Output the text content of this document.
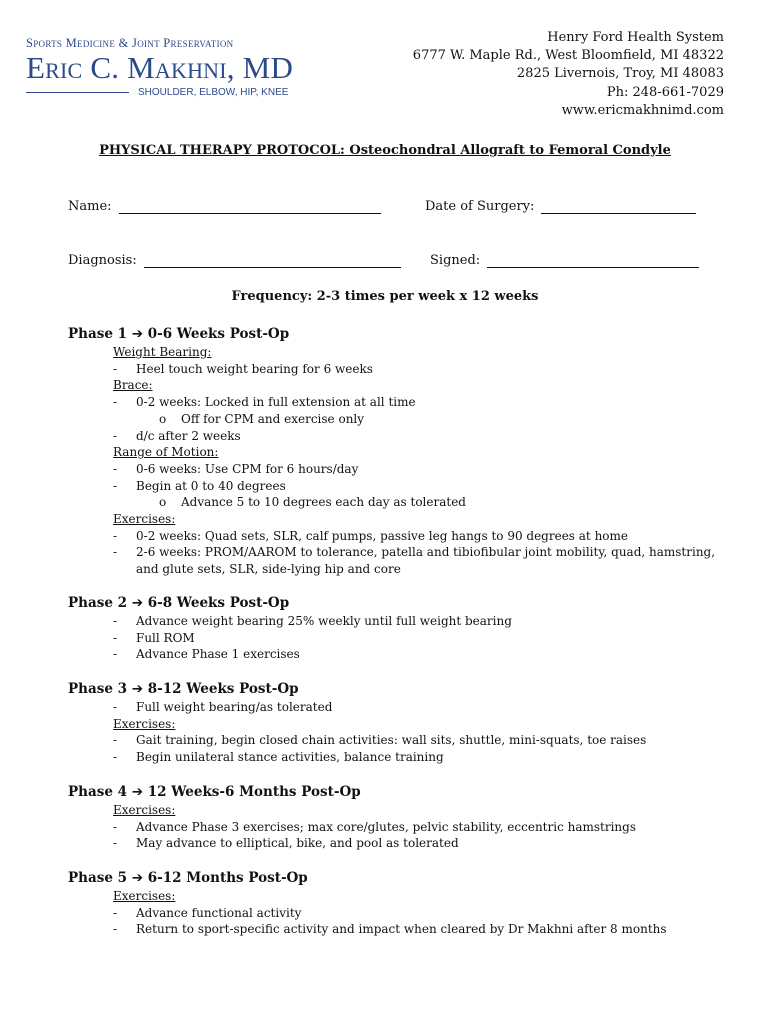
Sports Medicine & Joint Preservation
Eric C. Makhni, MD
SHOULDER, ELBOW, HIP, KNEE
Henry Ford Health System
6777 W. Maple Rd., West Bloomfield, MI 48322
2825 Livernois, Troy, MI 48083
Ph: 248-661-7029
www.ericmakhnimd.com
PHYSICAL THERAPY PROTOCOL: Osteochondral Allograft to Femoral Condyle
Name:	Date of Surgery:
Diagnosis:	Signed:
Frequency: 2-3 times per week x 12 weeks
Phase 1 ➔ 0-6 Weeks Post-Op
Weight Bearing:
- Heel touch weight bearing for 6 weeks
Brace:
- 0-2 weeks: Locked in full extension at all time
o Off for CPM and exercise only
- d/c after 2 weeks
Range of Motion:
- 0-6 weeks: Use CPM for 6 hours/day
- Begin at 0 to 40 degrees
o Advance 5 to 10 degrees each day as tolerated
Exercises:
- 0-2 weeks: Quad sets, SLR, calf pumps, passive leg hangs to 90 degrees at home
- 2-6 weeks: PROM/AAROM to tolerance, patella and tibiofibular joint mobility, quad, hamstring, and glute sets, SLR, side-lying hip and core
Phase 2 ➔ 6-8 Weeks Post-Op
- Advance weight bearing 25% weekly until full weight bearing
- Full ROM
- Advance Phase 1 exercises
Phase 3 ➔ 8-12 Weeks Post-Op
- Full weight bearing/as tolerated
Exercises:
- Gait training, begin closed chain activities: wall sits, shuttle, mini-squats, toe raises
- Begin unilateral stance activities, balance training
Phase 4 ➔ 12 Weeks-6 Months Post-Op
Exercises:
- Advance Phase 3 exercises; max core/glutes, pelvic stability, eccentric hamstrings
- May advance to elliptical, bike, and pool as tolerated
Phase 5 ➔ 6-12 Months Post-Op
Exercises:
- Advance functional activity
- Return to sport-specific activity and impact when cleared by Dr Makhni after 8 months
